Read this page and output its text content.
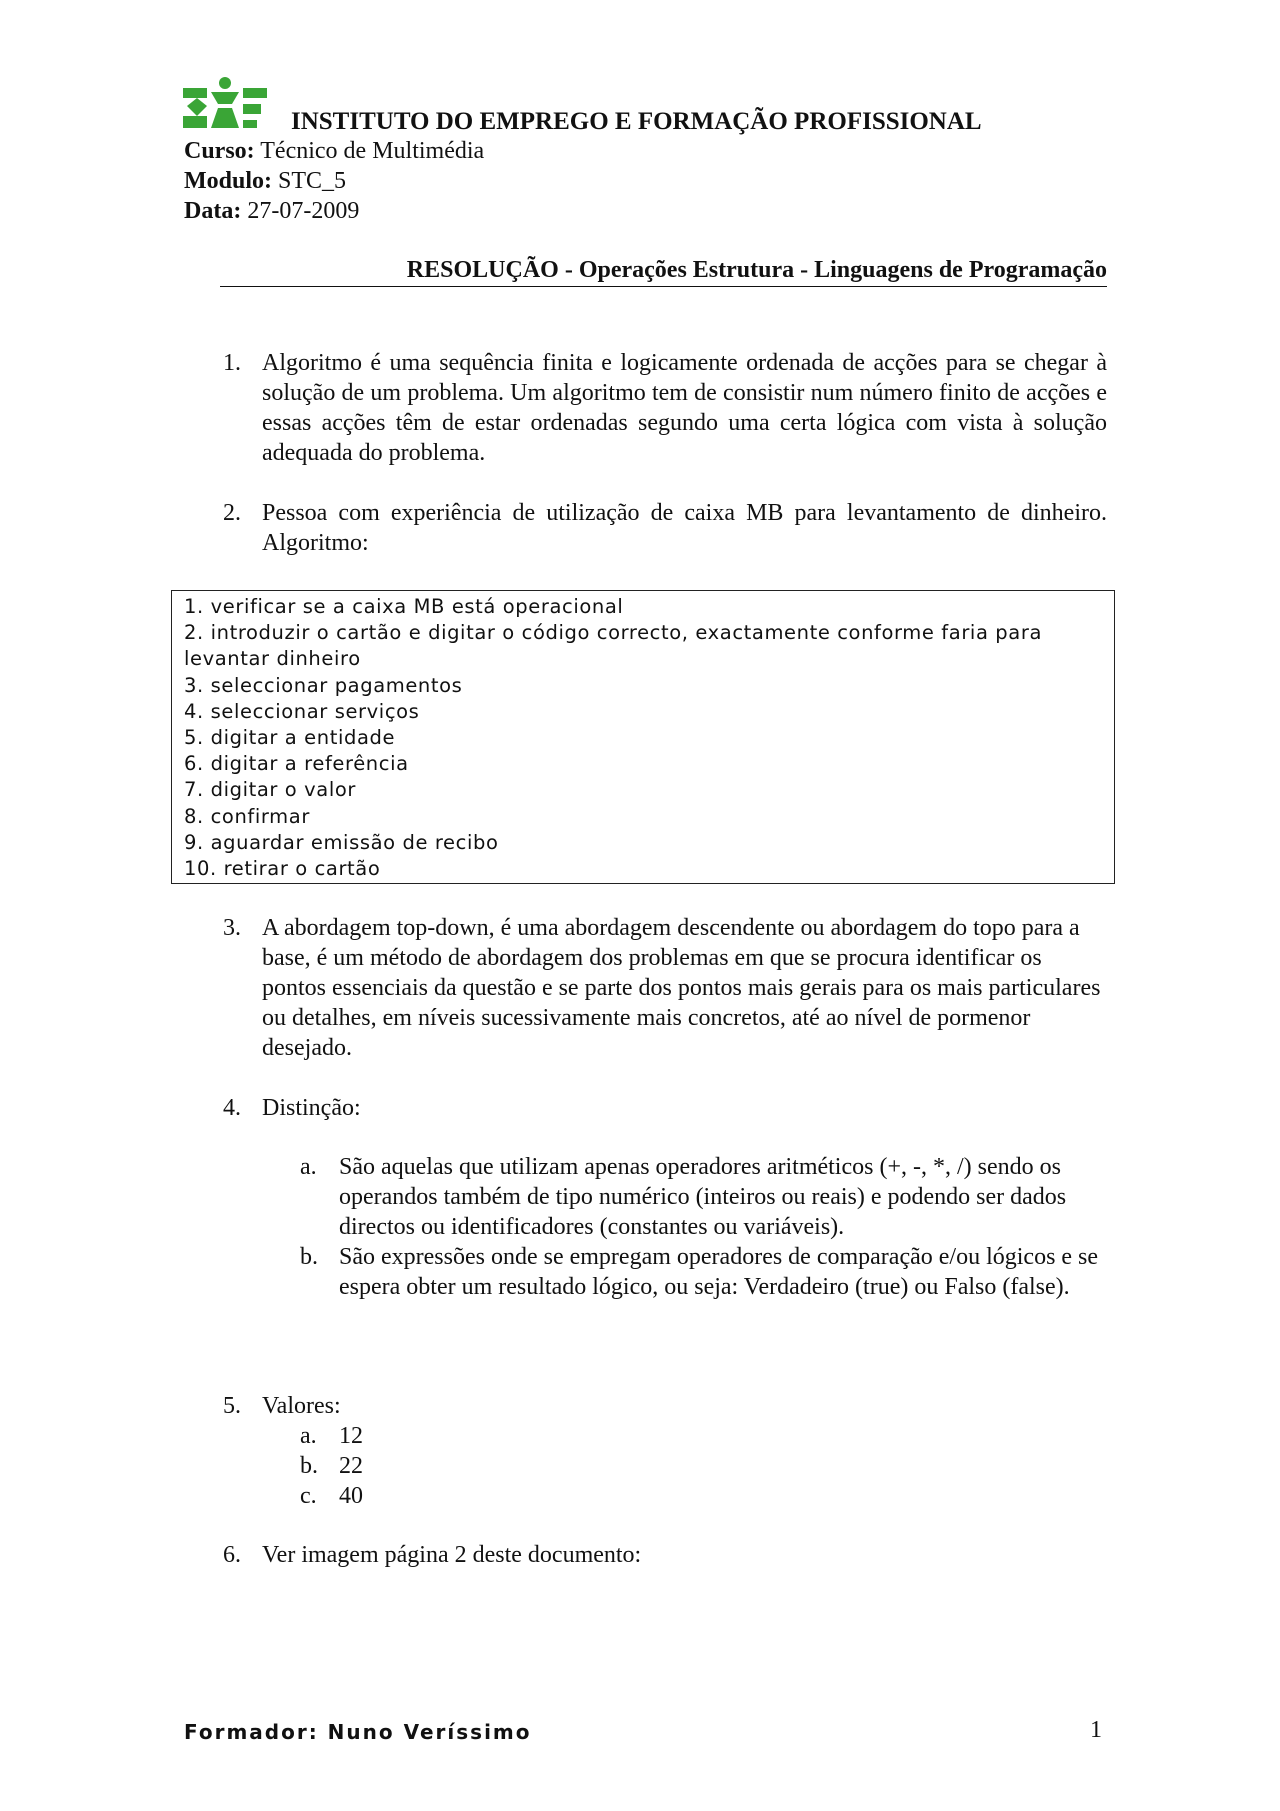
INSTITUTO DO EMPREGO E FORMAÇÃO PROFISSIONAL
Curso: Técnico de Multimédia
Modulo: STC_5
Data: 27-07-2009
RESOLUÇÃO - Operações Estrutura - Linguagens de Programação
1. Algoritmo é uma sequência finita e logicamente ordenada de acções para se chegar à solução de um problema. Um algoritmo tem de consistir num número finito de acções e essas acções têm de estar ordenadas segundo uma certa lógica com vista à solução adequada do problema.
2. Pessoa com experiência de utilização de caixa MB para levantamento de dinheiro. Algoritmo:
1. verificar se a caixa MB está operacional
2. introduzir o cartão e digitar o código correcto, exactamente conforme faria para
levantar dinheiro
3. seleccionar pagamentos
4. seleccionar serviços
5. digitar a entidade
6. digitar a referência
7. digitar o valor
8. confirmar
9. aguardar emissão de recibo
10. retirar o cartão
3. A abordagem top-down, é uma abordagem descendente ou abordagem do topo para a base, é um método de abordagem dos problemas em que se procura identificar os pontos essenciais da questão e se parte dos pontos mais gerais para os mais particulares ou detalhes, em níveis sucessivamente mais concretos, até ao nível de pormenor desejado.
4. Distinção:
a. São aquelas que utilizam apenas operadores aritméticos (+, -, *, /) sendo os operandos também de tipo numérico (inteiros ou reais) e podendo ser dados directos ou identificadores (constantes ou variáveis).
b. São expressões onde se empregam operadores de comparação e/ou lógicos e se espera obter um resultado lógico, ou seja: Verdadeiro (true) ou Falso (false).
5. Valores:
a. 12
b. 22
c. 40
6. Ver imagem página 2 deste documento:
Formador: Nuno Veríssimo	1
